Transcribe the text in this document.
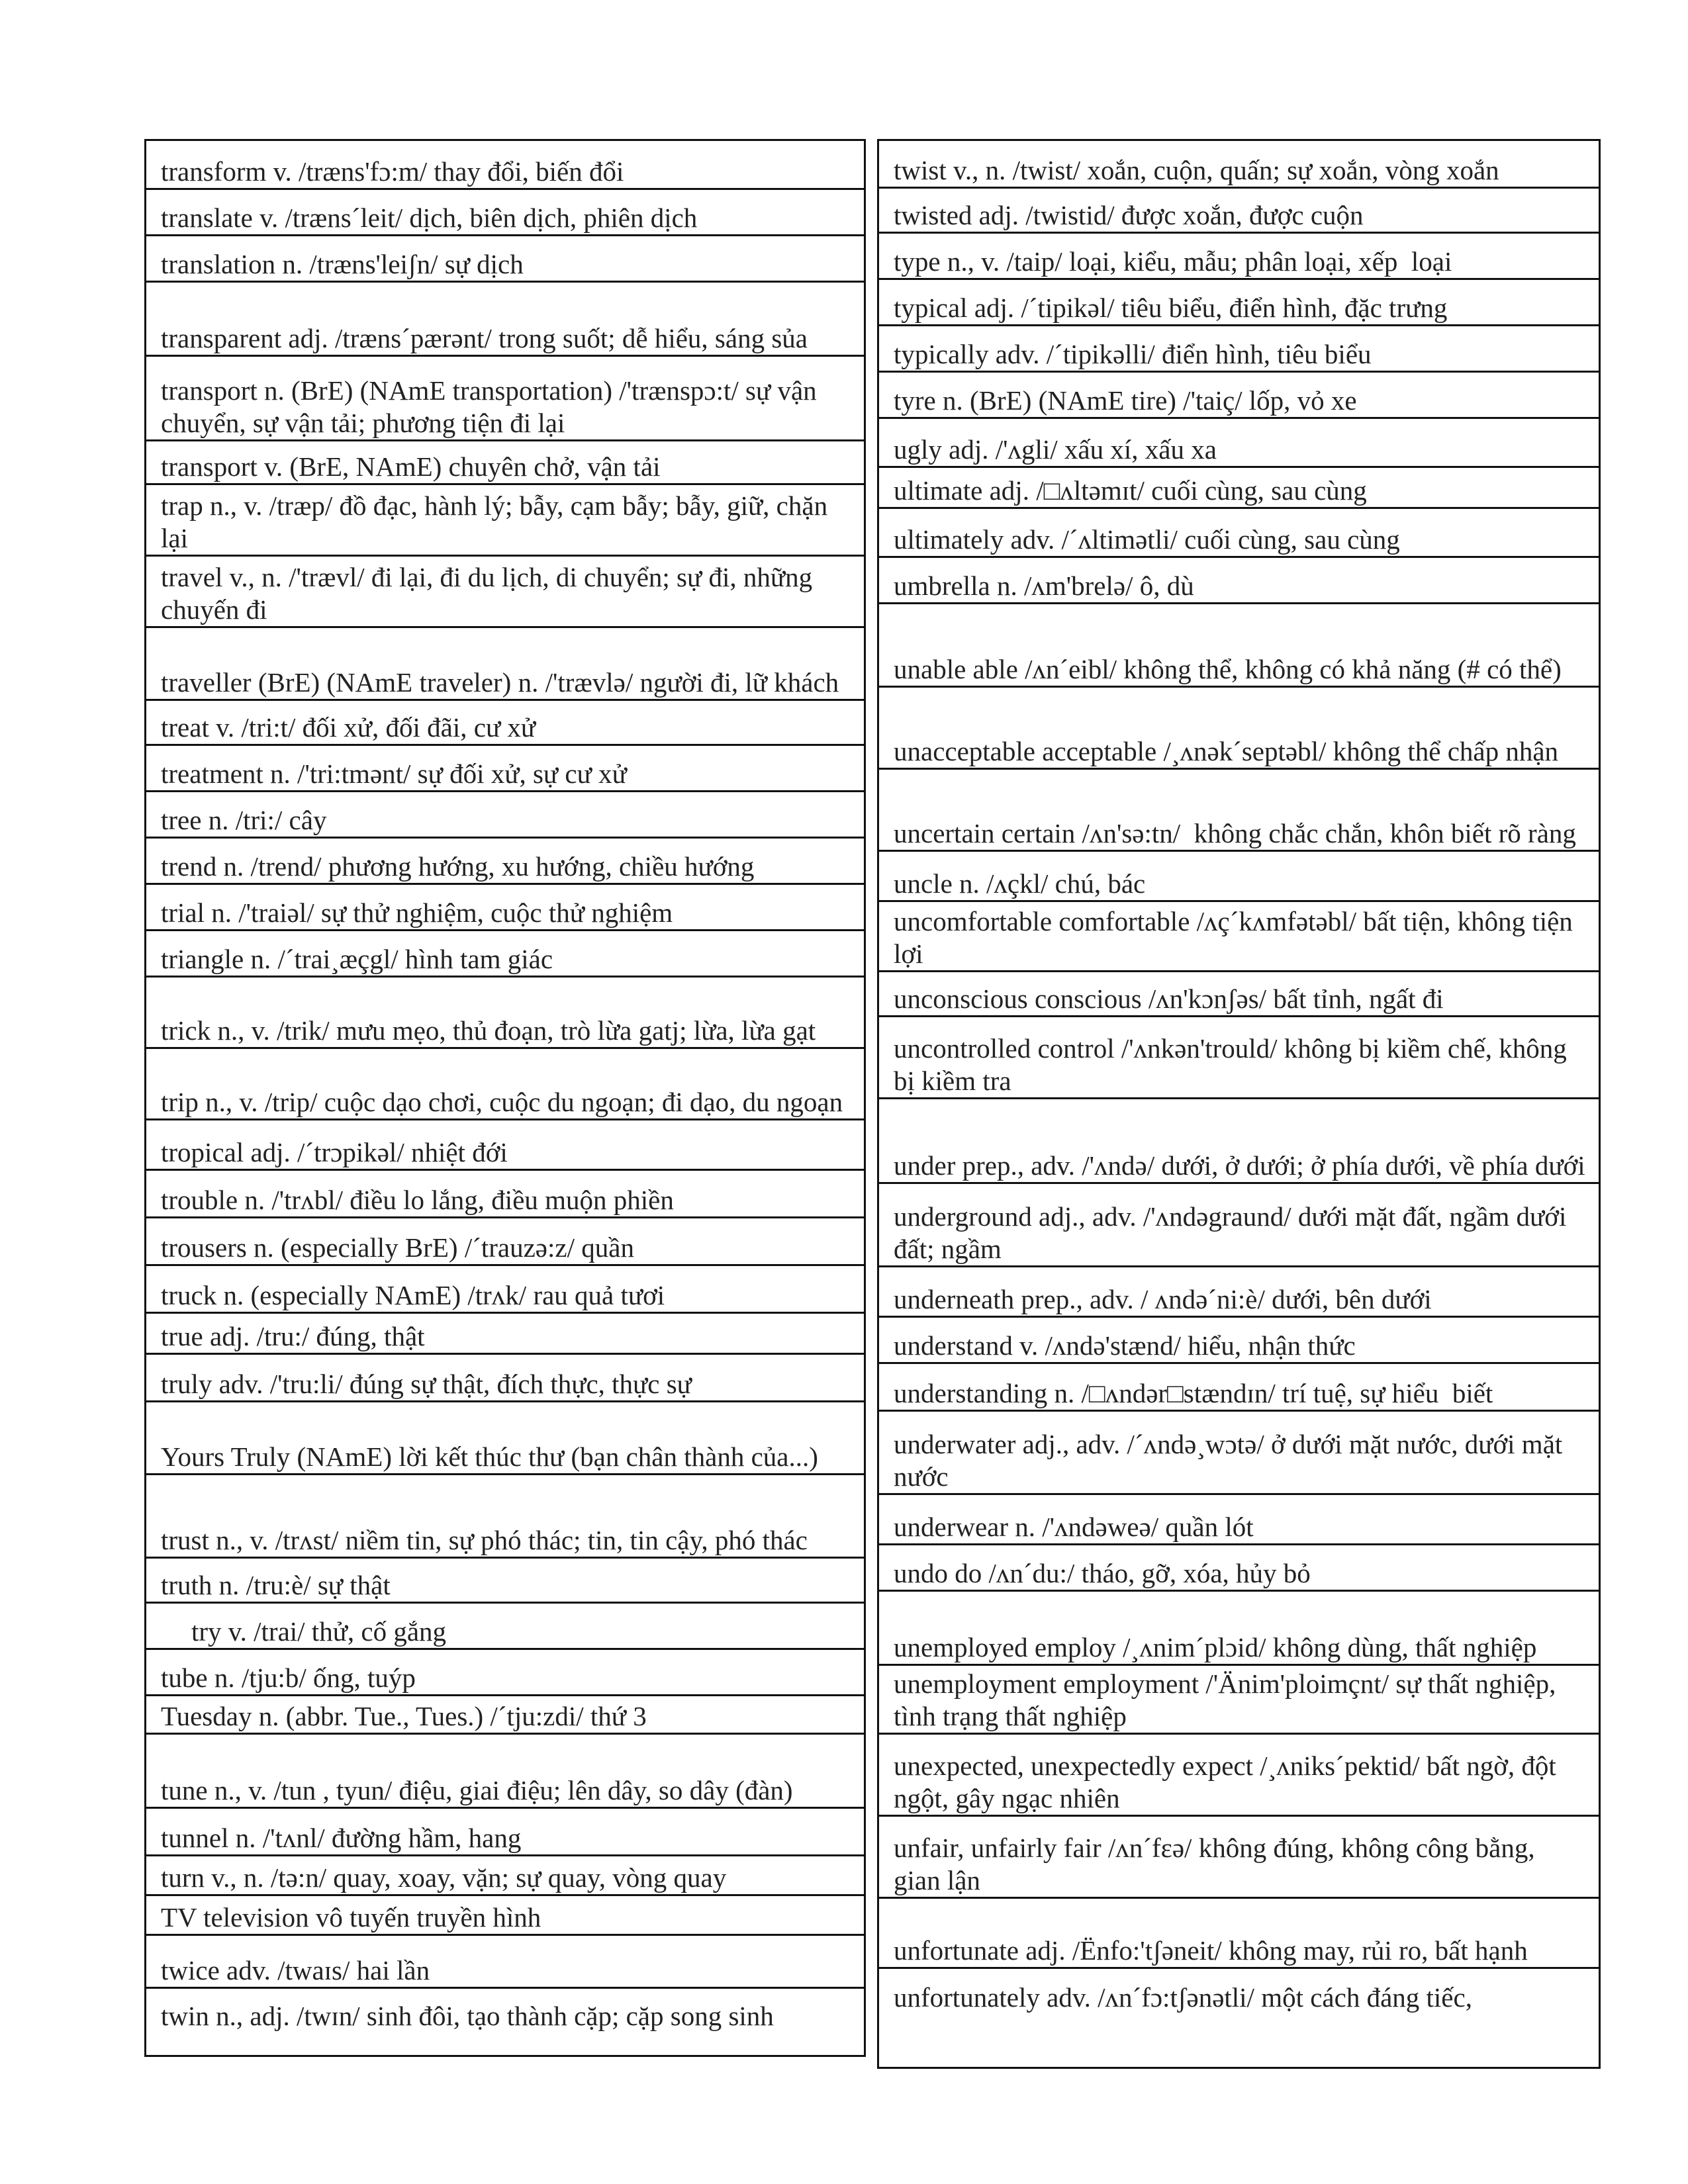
transform v. /træns'fɔ:m/ thay đổi, biến đổi
translate v. /træns´leit/ dịch, biên dịch, phiên dịch
translation n. /træns'leiʃn/ sự dịch
transparent adj. /træns´pærənt/ trong suốt; dễ hiểu, sáng sủa
transport n. (BrE) (NAmE transportation) /'trænspɔ:t/ sự vận chuyển, sự vận tải; phương tiện đi lại
transport v. (BrE, NAmE) chuyên chở, vận tải
trap n., v. /træp/ đồ đạc, hành lý; bẫy, cạm bẫy; bẫy, giữ, chặn lại
travel v., n. /'trævl/ đi lại, đi du lịch, di chuyển; sự đi, những chuyến đi
traveller (BrE) (NAmE traveler) n. /'trævlə/ người đi, lữ khách
treat v. /tri:t/ đối xử, đối đãi, cư xử
treatment n. /'tri:tmənt/ sự đối xử, sự cư xử
tree n. /tri:/ cây
trend n. /trend/ phương hướng, xu hướng, chiều hướng
trial n. /'traiəl/ sự thử nghiệm, cuộc thử nghiệm
triangle n. /´trai¸æçgl/ hình tam giác
trick n., v. /trik/ mưu mẹo, thủ đoạn, trò lừa gatj; lừa, lừa gạt
trip n., v. /trip/ cuộc dạo chơi, cuộc du ngoạn; đi dạo, du ngoạn
tropical adj. /´trɔpikəl/ nhiệt đới
trouble n. /'trʌbl/ điều lo lắng, điều muộn phiền
trousers n. (especially BrE) /´trauzə:z/ quần
truck n. (especially NAmE) /trʌk/ rau quả tươi
true adj. /tru:/ đúng, thật
truly adv. /'tru:li/ đúng sự thật, đích thực, thực sự
Yours Truly (NAmE) lời kết thúc thư (bạn chân thành của...)
trust n., v. /trʌst/ niềm tin, sự phó thác; tin, tin cậy, phó thác
truth n. /tru:è/ sự thật
try v. /trai/ thử, cố gắng
tube n. /tju:b/ ống, tuýp
Tuesday n. (abbr. Tue., Tues.) /´tju:zdi/ thứ 3
tune n., v. /tun , tyun/ điệu, giai điệu; lên dây, so dây (đàn)
tunnel n. /'tʌnl/ đường hầm, hang
turn v., n. /tə:n/ quay, xoay, vặn; sự quay, vòng quay
TV television vô tuyến truyền hình
twice adv. /twaɪs/ hai lần
twin n., adj. /twɪn/ sinh đôi, tạo thành cặp; cặp song sinh
twist v., n. /twist/ xoắn, cuộn, quấn; sự xoắn, vòng xoắn
twisted adj. /twistid/ được xoắn, được cuộn
type n., v. /taip/ loại, kiểu, mẫu; phân loại, xếp  loại
typical adj. /´tipikəl/ tiêu biểu, điển hình, đặc trưng
typically adv. /´tipikəlli/ điển hình, tiêu biểu
tyre n. (BrE) (NAmE tire) /'taiç/ lốp, vỏ xe
ugly adj. /'ʌgli/ xấu xí, xấu xa
ultimate adj. /□ʌltəmɪt/ cuối cùng, sau cùng
ultimately adv. /´ʌltimətli/ cuối cùng, sau cùng
umbrella n. /ʌm'brelə/ ô, dù
unable able /ʌn´eibl/ không thể, không có khả năng (# có thể)
unacceptable acceptable /¸ʌnək´septəbl/ không thể chấp nhận
uncertain certain /ʌn'sə:tn/  không chắc chắn, khôn biết rõ ràng
uncle n. /ʌçkl/ chú, bác
uncomfortable comfortable /ʌç´kʌmfətəbl/ bất tiện, không tiện lợi
unconscious conscious /ʌn'kɔnʃəs/ bất tỉnh, ngất đi
uncontrolled control /'ʌnkən'trould/ không bị kiềm chế, không bị kiềm tra
under prep., adv. /'ʌndə/ dưới, ở dưới; ở phía dưới, về phía dưới
underground adj., adv. /'ʌndəgraund/ dưới mặt đất, ngầm dưới đất; ngầm
underneath prep., adv. / ʌndə´ni:è/ dưới, bên dưới
understand v. /ʌndə'stænd/ hiểu, nhận thức
understanding n. /□ʌndər□stændɪn/ trí tuệ, sự hiểu  biết
underwater adj., adv. /´ʌndə¸wɔtə/ ở dưới mặt nước, dưới mặt nước
underwear n. /'ʌndəweə/ quần lót
undo do /ʌn´du:/ tháo, gỡ, xóa, hủy bỏ
unemployed employ /¸ʌnim´plɔid/ không dùng, thất nghiệp
unemployment employment /'Änim'ploimçnt/ sự thất nghiệp, tình trạng thất nghiệp
unexpected, unexpectedly expect /¸ʌniks´pektid/ bất ngờ, đột ngột, gây ngạc nhiên
unfair, unfairly fair /ʌn´fɛə/ không đúng, không công bằng, gian lận
unfortunate adj. /Ënfo:'tʃəneit/ không may, rủi ro, bất hạnh
unfortunately adv. /ʌn´fɔ:tʃənətli/ một cách đáng tiếc,
